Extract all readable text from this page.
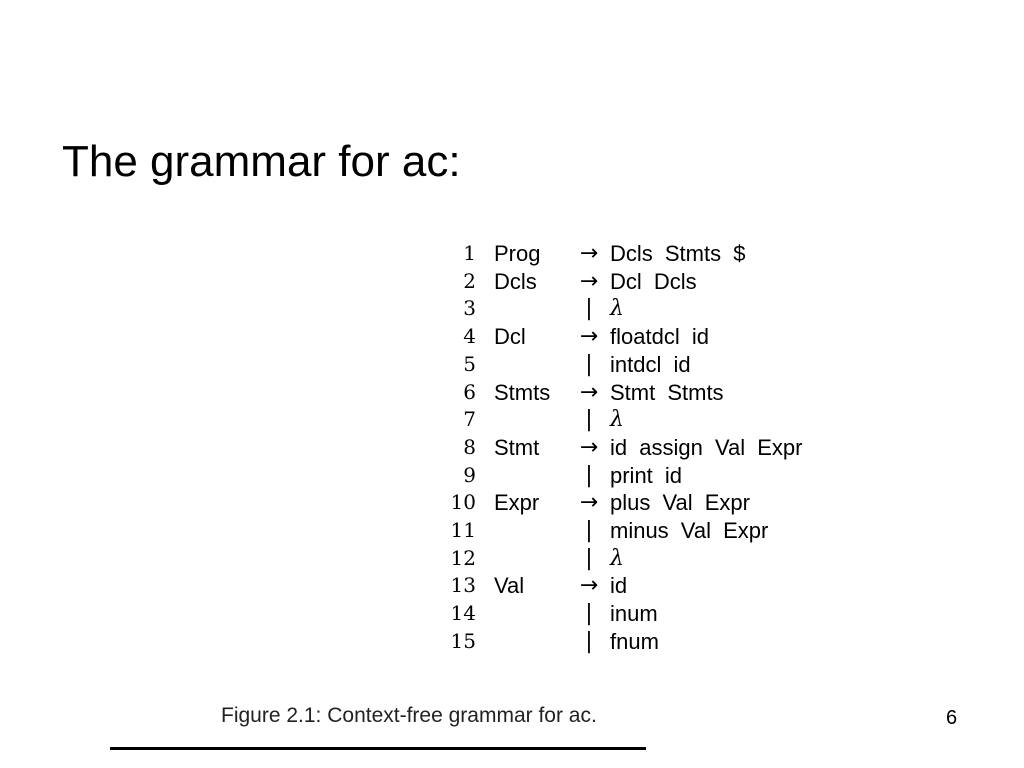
The grammar for ac:
1	Prog	→	Dcls Stmts $
2	Dcls	→	Dcl Dcls
3		|	λ
4	Dcl	→	floatdcl id
5		|	intdcl id
6	Stmts	→	Stmt Stmts
7		|	λ
8	Stmt	→	id assign Val Expr
9		|	print id
10	Expr	→	plus Val Expr
11		|	minus Val Expr
12		|	λ
13	Val	→	id
14		|	inum
15		|	fnum
Figure 2.1: Context-free grammar for ac.	6
